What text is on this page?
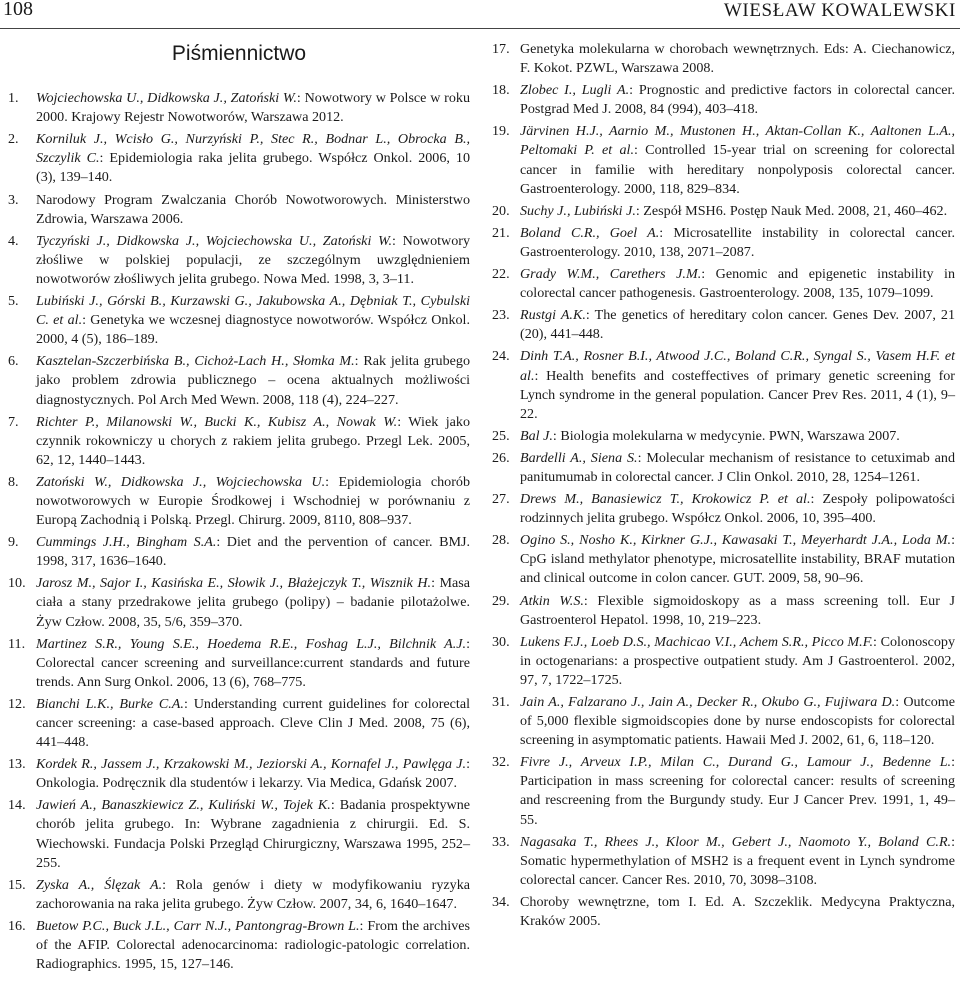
108	WIESŁAW KOWALEWSKI
Piśmiennictwo
1.	Wojciechowska U., Didkowska J., Zatoński W.: Nowotwory w Polsce w roku 2000. Krajowy Rejestr Nowotworów, Warszawa 2012.
2.	Korniluk J., Wcisło G., Nurzyński P., Stec R., Bodnar L., Obrocka B., Szczylik C.: Epidemiologia raka jelita grubego. Współcz Onkol. 2006, 10 (3), 139–140.
3.	Narodowy Program Zwalczania Chorób Nowotworowych. Ministerstwo Zdrowia, Warszawa 2006.
4.	Tyczyński J., Didkowska J., Wojciechowska U., Zatoński W.: Nowotwory złośliwe w polskiej populacji, ze szczególnym uwzględnieniem nowotworów złośliwych jelita grubego. Nowa Med. 1998, 3, 3–11.
5.	Lubiński J., Górski B., Kurzawski G., Jakubowska A., Dębniak T., Cybulski C. et al.: Genetyka we wczesnej diagnostyce nowotworów. Współcz Onkol. 2000, 4 (5), 186–189.
6.	Kasztelan-Szczerbińska B., Cichoż-Lach H., Słomka M.: Rak jelita grubego jako problem zdrowia publicznego – ocena aktualnych możliwości diagnostycznych. Pol Arch Med Wewn. 2008, 118 (4), 224–227.
7.	Richter P., Milanowski W., Bucki K., Kubisz A., Nowak W.: Wiek jako czynnik rokowniczy u chorych z rakiem jelita grubego. Przegl Lek. 2005, 62, 12, 1440–1443.
8.	Zatoński W., Didkowska J., Wojciechowska U.: Epidemiologia chorób nowotworowych w Europie Środkowej i Wschodniej w porównaniu z Europą Zachodnią i Polską. Przegl. Chirurg. 2009, 8110, 808–937.
9.	Cummings J.H., Bingham S.A.: Diet and the pervention of cancer. BMJ. 1998, 317, 1636–1640.
10. Jarosz M., Sajor I., Kasińska E., Słowik J., Błażejczyk T., Wisznik H.: Masa ciała a stany przedrakowe jelita grubego (polipy) – badanie pilotażolwe. Żyw Człow. 2008, 35, 5/6, 359–370.
11. Martinez S.R., Young S.E., Hoedema R.E., Foshag L.J., Bilchnik A.J.: Colorectal cancer screening and surveillance:current standards and future trends. Ann Surg Onkol. 2006, 13 (6), 768–775.
12. Bianchi L.K., Burke C.A.: Understanding current guidelines for colorectal cancer screening: a case-based approach. Cleve Clin J Med. 2008, 75 (6), 441–448.
13. Kordek R., Jassem J., Krzakowski M., Jeziorski A., Kornafel J., Pawlęga J.: Onkologia. Podręcznik dla studentów i lekarzy. Via Medica, Gdańsk 2007.
14. Jawień A., Banaszkiewicz Z., Kuliński W., Tojek K.: Badania prospektywne chorób jelita grubego. In: Wybrane zagadnienia z chirurgii. Ed. S. Wiechowski. Fundacja Polski Przegląd Chirurgiczny, Warszawa 1995, 252–255.
15. Zyska A., Ślęzak A.: Rola genów i diety w modyfikowaniu ryzyka zachorowania na raka jelita grubego. Żyw Człow. 2007, 34, 6, 1640–1647.
16. Buetow P.C., Buck J.L., Carr N.J., Pantongrag-Brown L.: From the archives of the AFIP. Colorectal adenocarcinoma: radiologic-patologic correlation. Radiographics. 1995, 15, 127–146.
17. Genetyka molekularna w chorobach wewnętrznych. Eds: A. Ciechanowicz, F. Kokot. PZWL, Warszawa 2008.
18. Zlobec I., Lugli A.: Prognostic and predictive factors in colorectal cancer. Postgrad Med J. 2008, 84 (994), 403–418.
19. Järvinen H.J., Aarnio M., Mustonen H., Aktan-Collan K., Aaltonen L.A., Peltomaki P. et al.: Controlled 15-year trial on screening for colorectal cancer in familie with hereditary nonpolyposis colorectal cancer. Gastroenterology. 2000, 118, 829–834.
20. Suchy J., Lubiński J.: Zespół MSH6. Postęp Nauk Med. 2008, 21, 460–462.
21. Boland C.R., Goel A.: Microsatellite instability in colorectal cancer. Gastroenterology. 2010, 138, 2071–2087.
22. Grady W.M., Carethers J.M.: Genomic and epigenetic instability in colorectal cancer pathogenesis. Gastroenterology. 2008, 135, 1079–1099.
23. Rustgi A.K.: The genetics of hereditary colon cancer. Genes Dev. 2007, 21 (20), 441–448.
24. Dinh T.A., Rosner B.I., Atwood J.C., Boland C.R., Syngal S., Vasem H.F. et al.: Health benefits and costeffectives of primary genetic screening for Lynch syndrome in the general population. Cancer Prev Res. 2011, 4 (1), 9–22.
25. Bal J.: Biologia molekularna w medycynie. PWN, Warszawa 2007.
26. Bardelli A., Siena S.: Molecular mechanism of resistance to cetuximab and panitumumab in colorectal cancer. J Clin Onkol. 2010, 28, 1254–1261.
27. Drews M., Banasiewicz T., Krokowicz P. et al.: Zespoły polipowatości rodzinnych jelita grubego. Współcz Onkol. 2006, 10, 395–400.
28. Ogino S., Nosho K., Kirkner G.J., Kawasaki T., Meyerhardt J.A., Loda M.: CpG island methylator phenotype, microsatellite instability, BRAF mutation and clinical outcome in colon cancer. GUT. 2009, 58, 90–96.
29. Atkin W.S.: Flexible sigmoidoskopy as a mass screening toll. Eur J Gastroenterol Hepatol. 1998, 10, 219–223.
30. Lukens F.J., Loeb D.S., Machicao V.I., Achem S.R., Picco M.F.: Colonoscopy in octogenarians: a prospective outpatient study. Am J Gastroenterol. 2002, 97, 7, 1722–1725.
31. Jain A., Falzarano J., Jain A., Decker R., Okubo G., Fujiwara D.: Outcome of 5,000 flexible sigmoidscopies done by nurse endoscopists for colorectal screening in asymptomatic patients. Hawaii Med J. 2002, 61, 6, 118–120.
32. Fivre J., Arveux I.P., Milan C., Durand G., Lamour J., Bedenne L.: Participation in mass screening for colorectal cancer: results of screening and rescreening from the Burgundy study. Eur J Cancer Prev. 1991, 1, 49–55.
33. Nagasaka T., Rhees J., Kloor M., Gebert J., Naomoto Y., Boland C.R.: Somatic hypermethylation of MSH2 is a frequent event in Lynch syndrome colorectal cancer. Cancer Res. 2010, 70, 3098–3108.
34. Choroby wewnętrzne, tom I. Ed. A. Szczeklik. Medycyna Praktyczna, Kraków 2005.
